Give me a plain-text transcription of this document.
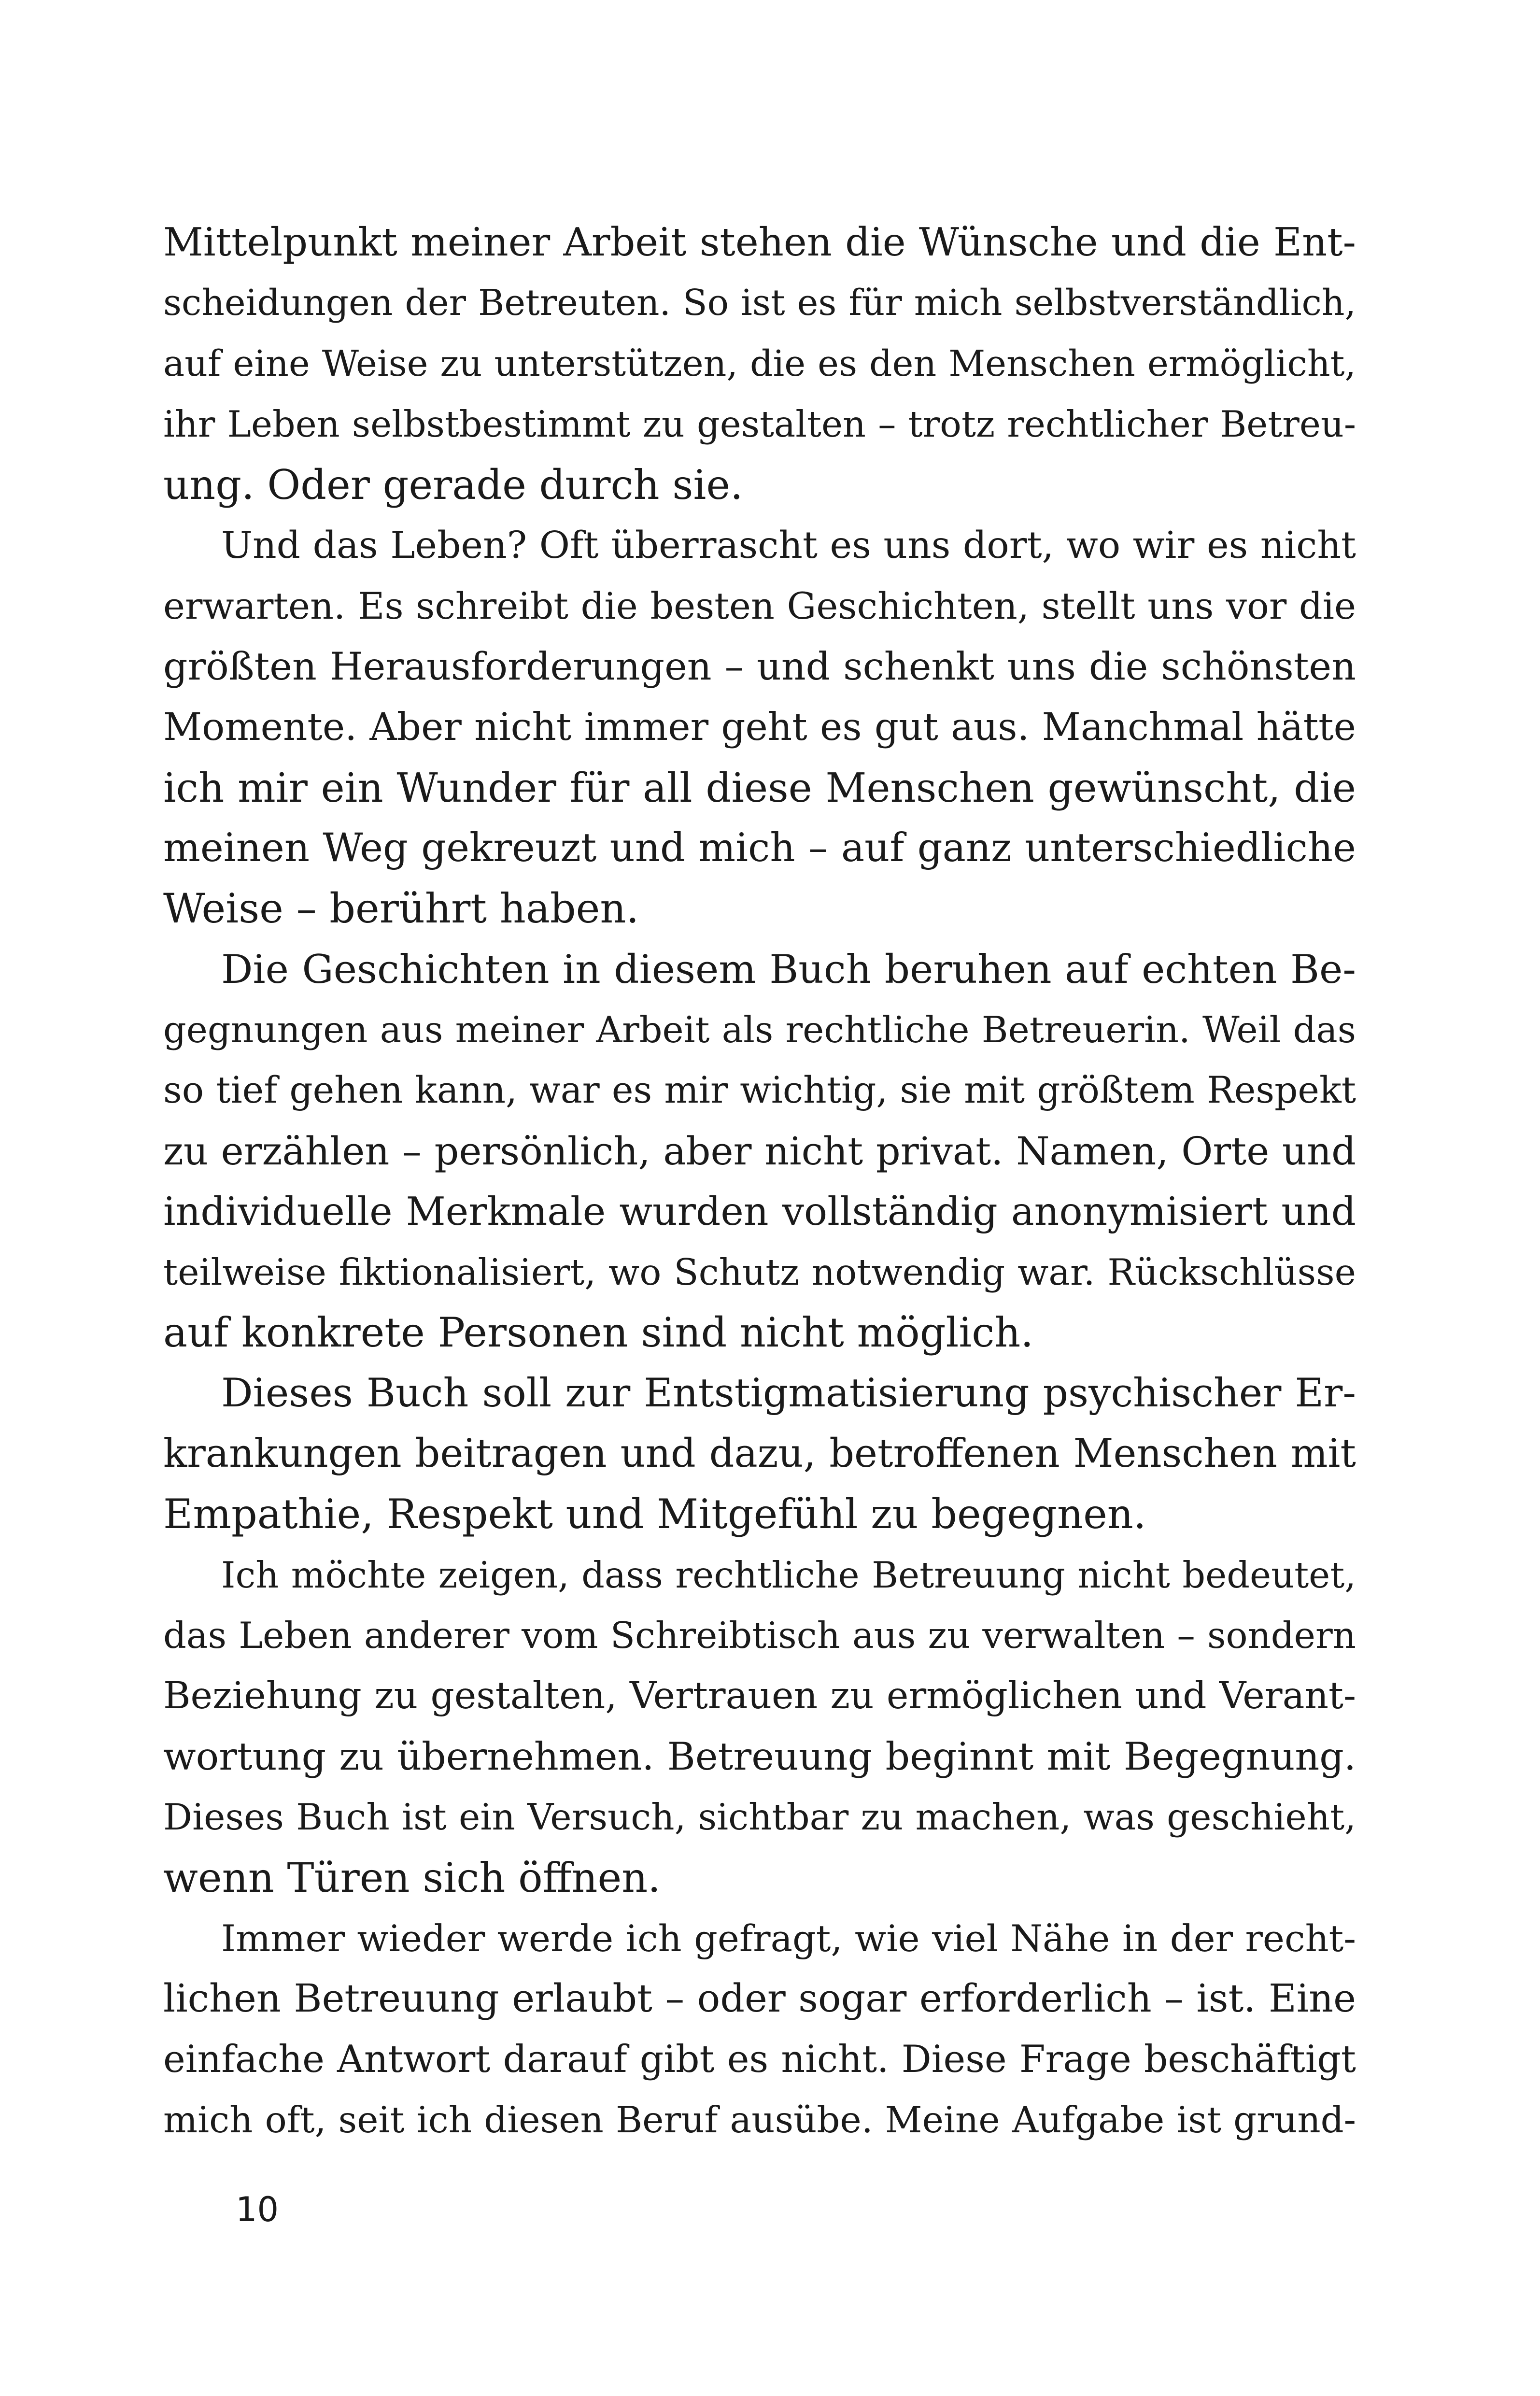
Mittelpunkt meiner Arbeit stehen die Wünsche und die Ent-
scheidungen der Betreuten. So ist es für mich selbstverständlich,
auf eine Weise zu unterstützen, die es den Menschen ermöglicht,
ihr Leben selbstbestimmt zu gestalten – trotz rechtlicher Betreu-
ung. Oder gerade durch sie.
Und das Leben? Oft überrascht es uns dort, wo wir es nicht
erwarten. Es schreibt die besten Geschichten, stellt uns vor die
größten Herausforderungen – und schenkt uns die schönsten
Momente. Aber nicht immer geht es gut aus. Manchmal hätte
ich mir ein Wunder für all diese Menschen gewünscht, die
meinen Weg gekreuzt und mich – auf ganz unterschiedliche
Weise – berührt haben.
Die Geschichten in diesem Buch beruhen auf echten Be-
gegnungen aus meiner Arbeit als rechtliche Betreuerin. Weil das
so tief gehen kann, war es mir wichtig, sie mit größtem Respekt
zu erzählen – persönlich, aber nicht privat. Namen, Orte und
individuelle Merkmale wurden vollständig anonymisiert und
teilweise fiktionalisiert, wo Schutz notwendig war. Rückschlüsse
auf konkrete Personen sind nicht möglich.
Dieses Buch soll zur Entstigmatisierung psychischer Er-
krankungen beitragen und dazu, betroffenen Menschen mit
Empathie, Respekt und Mitgefühl zu begegnen.
Ich möchte zeigen, dass rechtliche Betreuung nicht bedeutet,
das Leben anderer vom Schreibtisch aus zu verwalten – sondern
Beziehung zu gestalten, Vertrauen zu ermöglichen und Verant-
wortung zu übernehmen. Betreuung beginnt mit Begegnung.
Dieses Buch ist ein Versuch, sichtbar zu machen, was geschieht,
wenn Türen sich öffnen.
Immer wieder werde ich gefragt, wie viel Nähe in der recht-
lichen Betreuung erlaubt – oder sogar erforderlich – ist. Eine
einfache Antwort darauf gibt es nicht. Diese Frage beschäftigt
mich oft, seit ich diesen Beruf ausübe. Meine Aufgabe ist grund-
10
